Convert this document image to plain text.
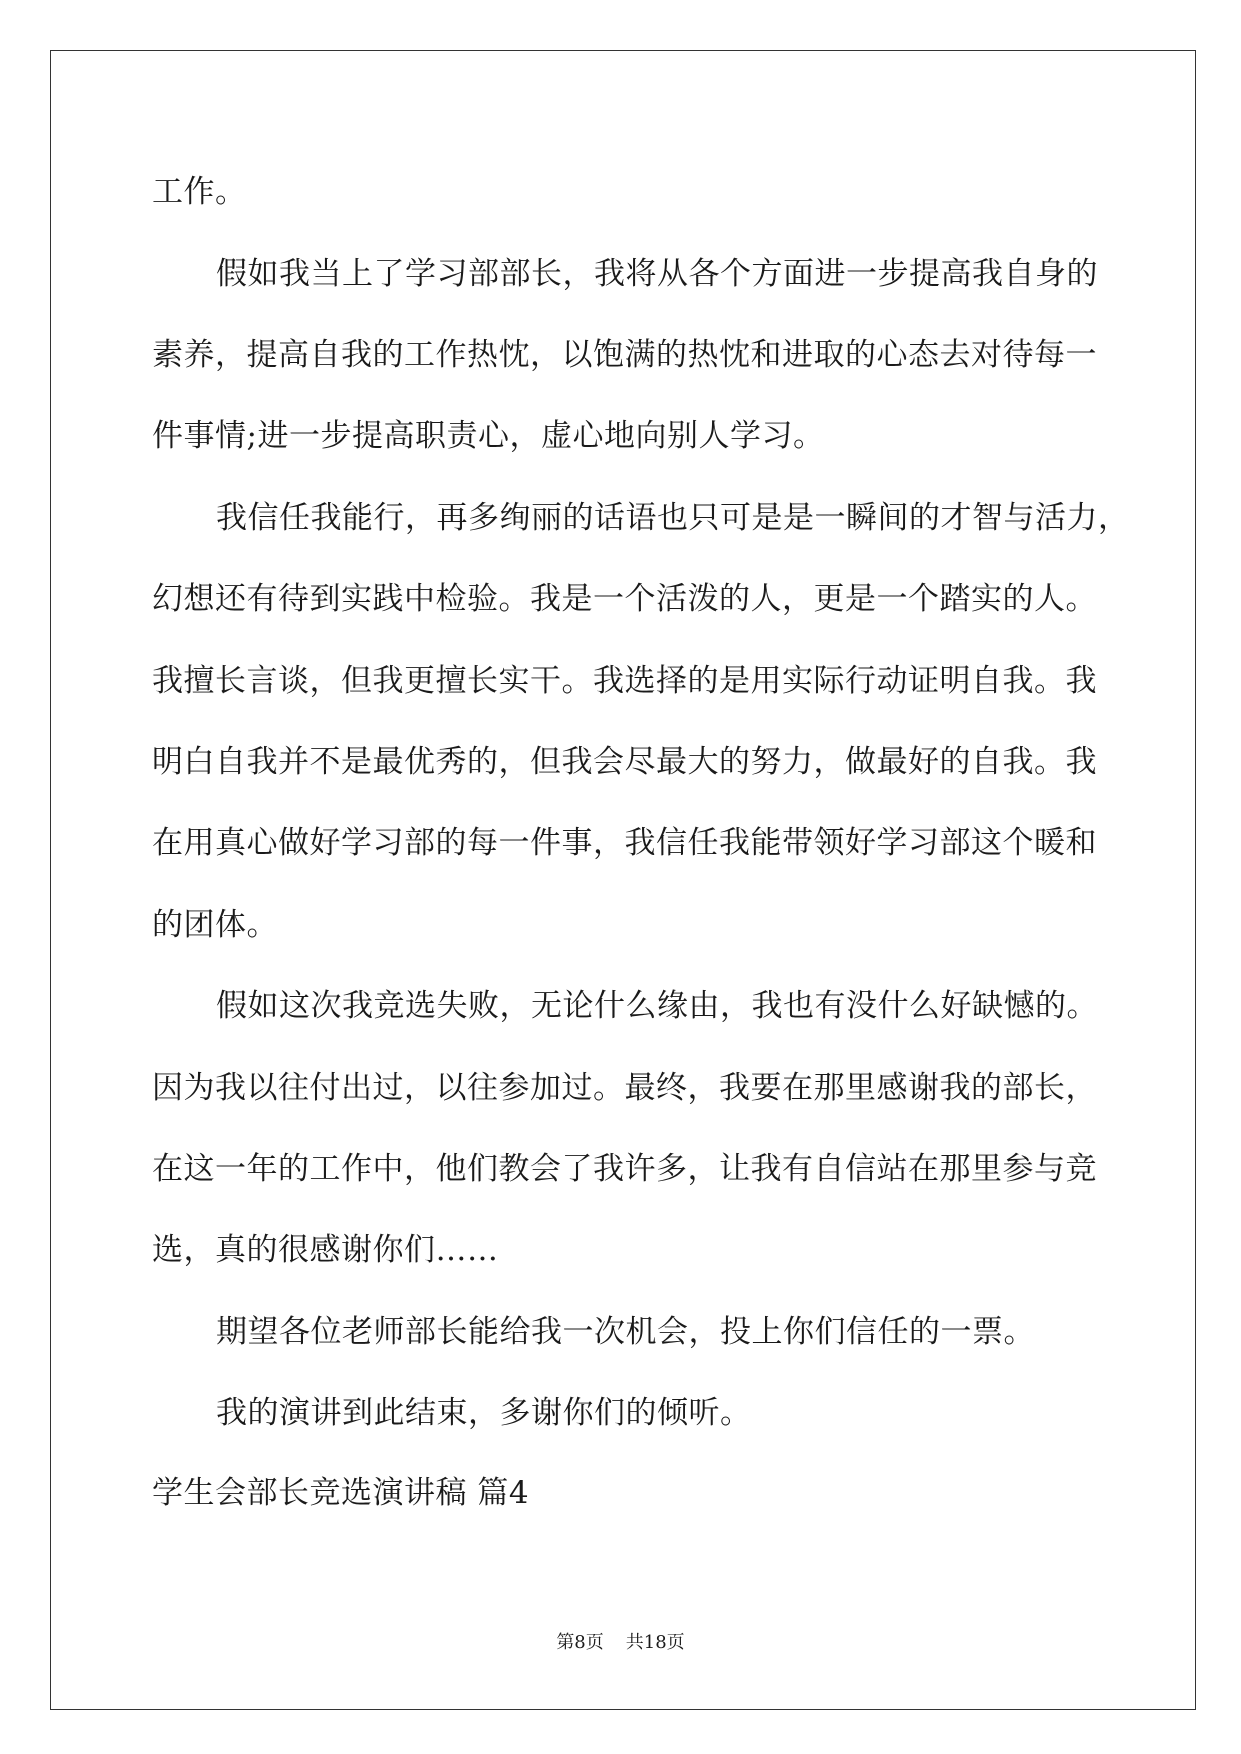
工作。
假如我当上了学习部部长，我将从各个方面进一步提高我自身的
素养，提高自我的工作热忱，以饱满的热忱和进取的心态去对待每一
件事情;进一步提高职责心，虚心地向别人学习。
我信任我能行，再多绚丽的话语也只可是是一瞬间的才智与活力，
幻想还有待到实践中检验。我是一个活泼的人，更是一个踏实的人。
我擅长言谈，但我更擅长实干。我选择的是用实际行动证明自我。我
明白自我并不是最优秀的，但我会尽最大的努力，做最好的自我。我
在用真心做好学习部的每一件事，我信任我能带领好学习部这个暖和
的团体。
假如这次我竞选失败，无论什么缘由，我也有没什么好缺憾的。
因为我以往付出过，以往参加过。最终，我要在那里感谢我的部长，
在这一年的工作中，他们教会了我许多，让我有自信站在那里参与竞
选，真的很感谢你们……
期望各位老师部长能给我一次机会，投上你们信任的一票。
我的演讲到此结束，多谢你们的倾听。
学生会部长竞选演讲稿 篇4
第8页 共18页
